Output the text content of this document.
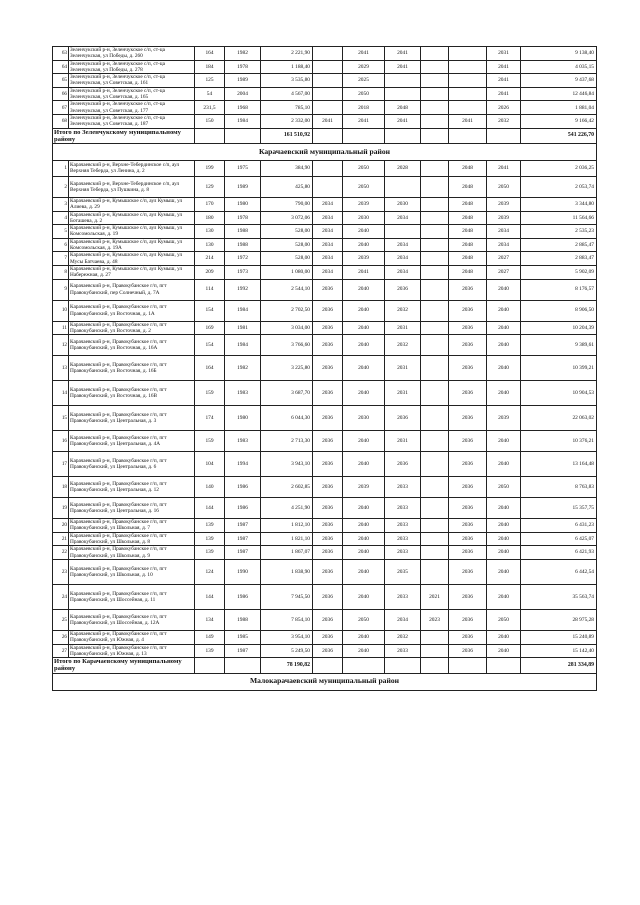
63	Зеленчукский р-н, Зеленчукское с/п, ст-ца Зеленчукская, ул Победы, д. 260	164	1982	2 221,90		2041	2041			2031	9 138,40
64	Зеленчукский р-н, Зеленчукское с/п, ст-ца Зеленчукская, ул Победы, д. 278	184	1978	1 188,40		2029	2041			2041	4 035,15
65	Зеленчукский р-н, Зеленчукское с/п, ст-ца Зеленчукская, ул Советская, д. 161	125	1989	3 535,80		2025				2041	9 437,68
66	Зеленчукский р-н, Зеленчукское с/п, ст-ца Зеленчукская, ул Советская, д. 165	54	2004	4 567,00		2050				2041	12 446,84
67	Зеленчукский р-н, Зеленчукское с/п, ст-ца Зеленчукская, ул Советская, д. 177	231,5	1968	785,10		2018	2048			2026	1 881,04
68	Зеленчукский р-н, Зеленчукское с/п, ст-ца Зеленчукская, ул Советская, д. 187	150	1984	2 332,00	2041	2041	2041		2041	2032	9 166,42
Итого по Зеленчукскому муниципальному району				161 510,92							541 226,70
Карачаевский муниципальный район											
1	Карачаевский р-н, Верхне-Тебердинское с/п, аул Верхняя Теберда, ул Ленина, д. 2	199	1975	384,90		2050	2028		2048	2041	2 036,25
2	Карачаевский р-н, Верхне-Тебердинское с/п, аул Верхняя Теберда, ул Пушкина, д. 8	129	1989	425,80		2050			2048	2050	2 053,74
3	Карачаевский р-н, Кумышское с/п, аул Кумыш, ул Алиева, д. 29	170	1980	790,00	2034	2039	2030		2048	2039	3 344,80
4	Карачаевский р-н, Кумышское с/п, аул Кумыш, ул Боташева, д. 2	180	1978	3 072,06	2034	2030	2034		2048	2039	11 564,66
5	Карачаевский р-н, Кумышское с/п, аул Кумыш, ул Комсомольская, д. 19	130	1988	528,00	2034	2040			2048	2034	2 535,23
6	Карачаевский р-н, Кумышское с/п, аул Кумыш, ул Комсомольская, д. 19А	130	1988	528,00	2034	2040	2034		2048	2034	2 885,47
7	Карачаевский р-н, Кумышское с/п, аул Кумыш, ул Мусы Батчаева, д. 48	214	1972	528,00	2034	2039	2034		2048	2027	2 883,47
8	Карачаевский р-н, Кумышское с/п, аул Кумыш, ул Набережная, д. 27	209	1973	1 080,00	2034	2041	2034		2048	2027	5 902,09
9	Карачаевский р-н, Правокубанское г/п, пгт Правокубанский, пер Солнечный, д. 7А	114	1992	2 544,10	2036	2040	2036		2036	2040	8 176,57
10	Карачаевский р-н, Правокубанское г/п, пгт Правокубанский, ул Восточная, д. 1А	154	1984	2 702,50	2036	2040	2032		2036	2040	8 906,50
11	Карачаевский р-н, Правокубанское г/п, пгт Правокубанский, ул Восточная, д. 2	169	1981	3 034,00	2036	2040	2031		2036	2040	10 204,39
12	Карачаевский р-н, Правокубанское г/п, пгт Правокубанский, ул Восточная, д. 16А	154	1984	3 766,60	2036	2040	2032		2036	2040	9 389,61
13	Карачаевский р-н, Правокубанское г/п, пгт Правокубанский, ул Восточная, д. 16Б	164	1982	3 225,80	2036	2040	2031		2036	2040	10 399,21
14	Карачаевский р-н, Правокубанское г/п, пгт Правокубанский, ул Восточная, д. 16В	159	1983	3 687,70	2036	2040	2031		2036	2040	10 904,53
15	Карачаевский р-н, Правокубанское г/п, пгт Правокубанский, ул Центральная, д. 3	174	1980	6 044,30	2036	2030	2036		2036	2039	22 063,02
16	Карачаевский р-н, Правокубанское г/п, пгт Правокубанский, ул Центральная, д. 4А	159	1983	2 713,30	2036	2040	2031		2036	2040	10 376,21
17	Карачаевский р-н, Правокубанское г/п, пгт Правокубанский, ул Центральная, д. 6	104	1994	3 943,10	2036	2040	2036		2036	2040	13 164,48
18	Карачаевский р-н, Правокубанское г/п, пгт Правокубанский, ул Центральная, д. 12	140	1986	2 602,85	2036	2039	2033		2036	2050	8 763,83
19	Карачаевский р-н, Правокубанское г/п, пгт Правокубанский, ул Центральная, д. 16	144	1986	4 251,90	2036	2040	2033		2036	2040	15 357,75
20	Карачаевский р-н, Правокубанское г/п, пгт Правокубанский, ул Школьная, д. 7	139	1987	1 812,10	2036	2040	2033		2036	2040	6 431,23
21	Карачаевский р-н, Правокубанское г/п, пгт Правокубанский, ул Школьная, д. 8	139	1987	1 821,10	2036	2040	2033		2036	2040	6 425,07
22	Карачаевский р-н, Правокубанское г/п, пгт Правокубанский, ул Школьная, д. 9	139	1987	1 867,07	2036	2040	2033		2036	2040	6 421,93
23	Карачаевский р-н, Правокубанское г/п, пгт Правокубанский, ул Школьная, д. 10	124	1990	1 838,90	2036	2040	2035		2036	2040	6 442,54
24	Карачаевский р-н, Правокубанское г/п, пгт Правокубанский, ул Шоссейная, д. 11	144	1986	7 945,50	2036	2040	2033	2021	2036	2040	35 563,74
25	Карачаевский р-н, Правокубанское г/п, пгт Правокубанский, ул Шоссейная, д. 12А	134	1988	7 854,10	2036	2050	2034	2023	2036	2050	28 975,28
26	Карачаевский р-н, Правокубанское г/п, пгт Правокубанский, ул Южная, д. 4	149	1985	3 954,10	2036	2040	2032		2036	2040	15 240,89
27	Карачаевский р-н, Правокубанское г/п, пгт Правокубанский, ул Южная, д. 13	139	1987	5 249,50	2036	2040	2033		2036	2040	15 142,40
Итого по Карачаевскому муниципальному району				78 190,82							281 334,89
Малокарачаевский муниципальный район											
